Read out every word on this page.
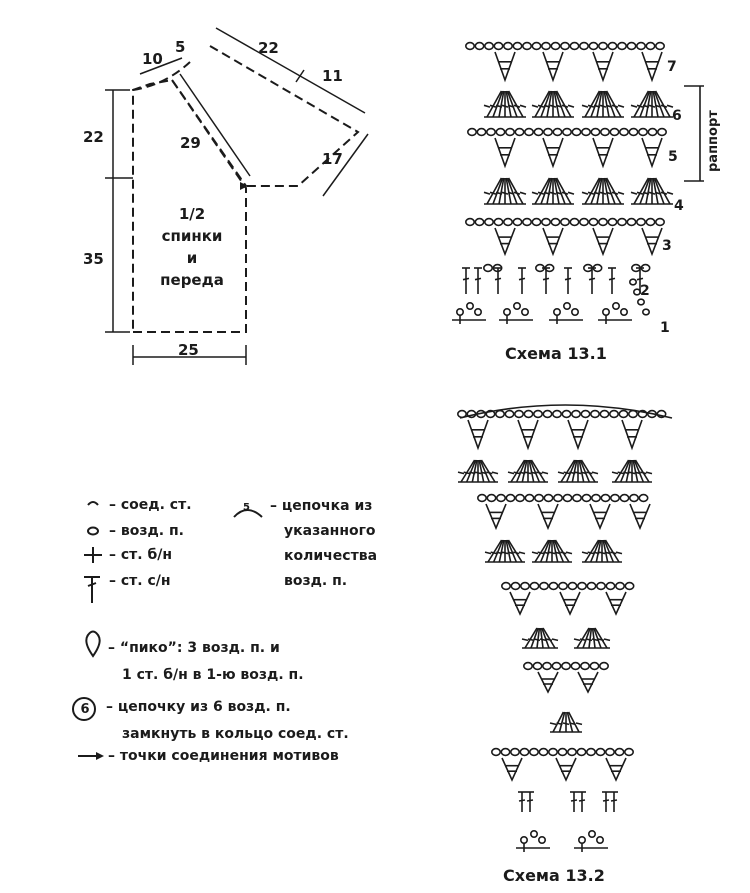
10
5	22
11
17
29
22
35
25
1/2
спинки
и
переда
Схема 13.1
раппорт
7
6
5
4
3
2
1
Схема 13.2
6
5
– соед. ст.
– возд. п.
– ст. б/н
– ст. с/н
– цепочка из
указанного
количества
возд. п.
– “пико”: 3 возд. п. и
1 ст. б/н в 1-ю возд. п.
– цепочку из 6 возд. п.
замкнуть в кольцо соед. ст.
– точки соединения мотивов
